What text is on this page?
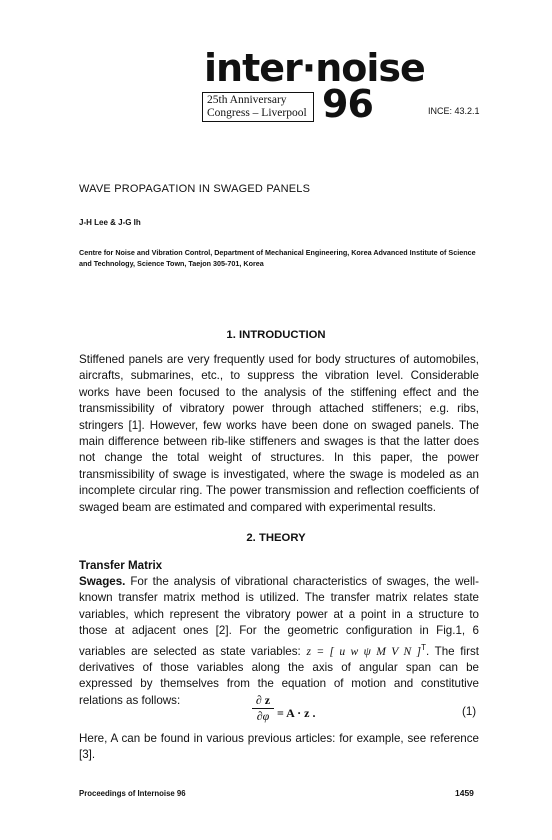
inter·noise
25th Anniversary
Congress – Liverpool 96	INCE: 43.2.1
WAVE PROPAGATION IN SWAGED PANELS
J-H Lee & J-G Ih
Centre for Noise and Vibration Control, Department of Mechanical Engineering, Korea Advanced Institute of Science and Technology, Science Town, Taejon 305-701, Korea
1. INTRODUCTION
Stiffened panels are very frequently used for body structures of automobiles, aircrafts, submarines, etc., to suppress the vibration level. Considerable works have been focused to the analysis of the stiffening effect and the transmissibility of vibratory power through attached stiffeners; e.g. ribs, stringers [1]. However, few works have been done on swaged panels. The main difference between rib-like stiffeners and swages is that the latter does not change the total weight of structures. In this paper, the power transmissibility of swage is investigated, where the swage is modeled as an incomplete circular ring. The power transmission and reflection coefficients of swaged beam are estimated and compared with experimental results.
2. THEORY
Transfer Matrix
Swages. For the analysis of vibrational characteristics of swages, the well-known transfer matrix method is utilized. The transfer matrix relates state variables, which represent the vibratory power at a point in a structure to those at adjacent ones [2]. For the geometric configuration in Fig.1, 6 variables are selected as state variables: z = [ u w ψ M V N ]$^T$. The first derivatives of those variables along the axis of angular span can be expressed by themselves from the equation of motion and constitutive relations as follows:	∂ z
∂φ = A · z .	(1)
Here, A can be found in various previous articles: for example, see reference [3].
Proceedings of Internoise 96	1459
